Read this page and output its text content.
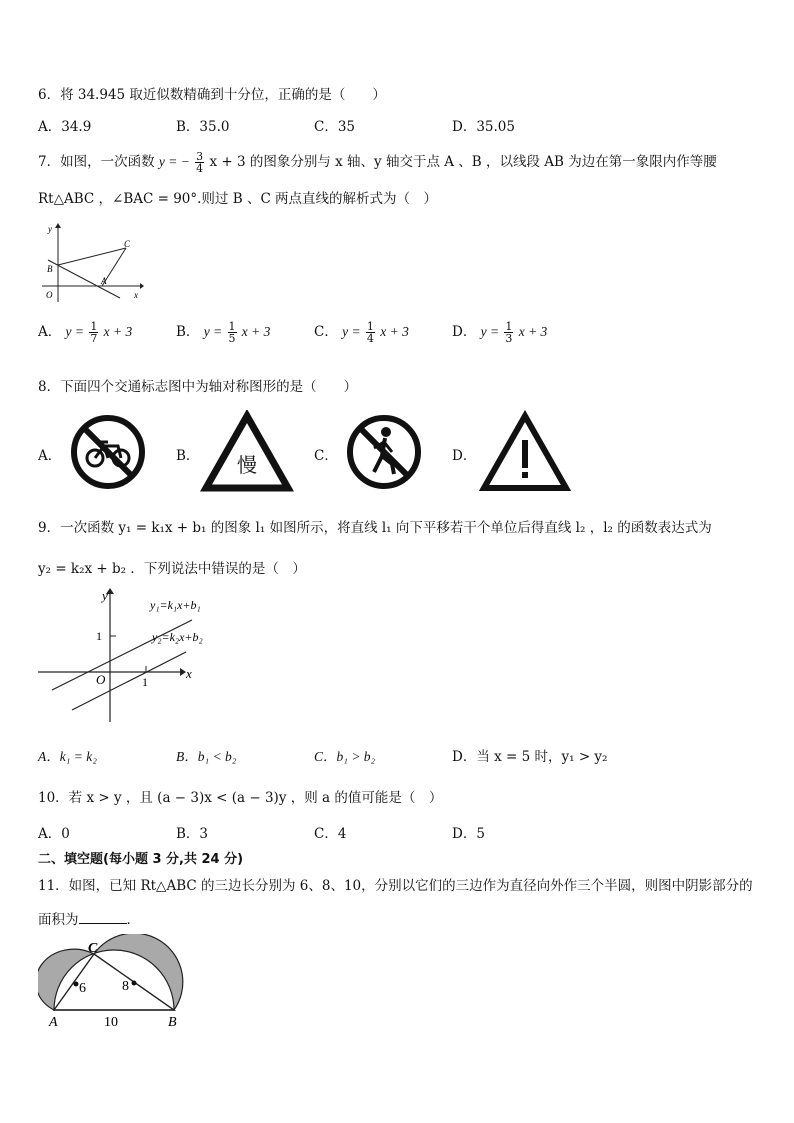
6．将 34.945 取近似数精确到十分位，正确的是（　　）
A．34.9	B．35.0	C．35	D．35.05
7．如图，一次函数 y = − $\frac{3}{4}$ x + 3 的图象分别与 x 轴、y 轴交于点 A 、B ，以线段 AB 为边在第一象限内作等腰
Rt△ABC ，∠BAC = 90°.则过 B 、C 两点直线的解析式为（　）
y
x
O
A
B
C
A． $y = \frac{1}{7}$ x + 3	B． $y = \frac{1}{5}$ x + 3	C． $y = \frac{1}{4}$ x + 3	D． $y = \frac{1}{3}$ x + 3
8．下面四个交通标志图中为轴对称图形的是（　　）
A．	B． 慢	C．	D．
9．一次函数 y₁ = k₁x + b₁ 的图象 l₁ 如图所示，将直线 l₁ 向下平移若干个单位后得直线 l₂ ，l₂ 的函数表达式为
y₂ = k₂x + b₂ ．下列说法中错误的是（　）
y
x
O
1
1
y₁=k₁x+b₁
y₂=k₂x+b₂
A．k₁ = k₂	B．b₁ < b₂	C．b₁ > b₂	D．当 x = 5 时，y₁ > y₂
10．若 x > y ，且 (a − 3)x < (a − 3)y ，则 a 的值可能是（　）
A．0	B．3	C．4	D．5
二、填空题(每小题 3 分,共 24 分)
11．如图，已知 Rt△ABC 的三边长分别为 6、8、10，分别以它们的三边作为直径向外作三个半圆，则图中阴影部分的
面积为	．
C
A	B
6	8
10
